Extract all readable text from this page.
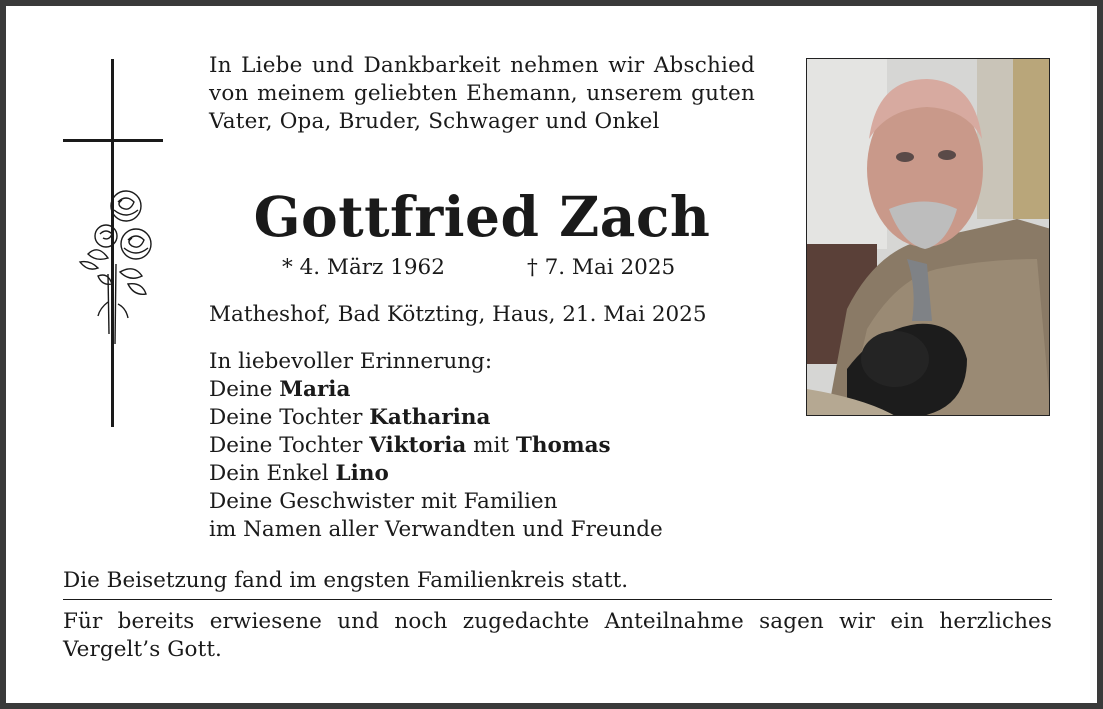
In Liebe und Dankbarkeit nehmen wir Abschied von meinem geliebten Ehemann, unserem guten Vater, Opa, Bruder, Schwager und Onkel
Gottfried Zach
* 4. März 1962	† 7. Mai 2025
Matheshof, Bad Kötzting, Haus, 21. Mai 2025
In liebevoller Erinnerung:
Deine Maria
Deine Tochter Katharina
Deine Tochter Viktoria mit Thomas
Dein Enkel Lino
Deine Geschwister mit Familien
im Namen aller Verwandten und Freunde
Die Beisetzung fand im engsten Familienkreis statt.
Für bereits erwiesene und noch zugedachte Anteilnahme sagen wir ein herzliches Vergelt’s Gott.
